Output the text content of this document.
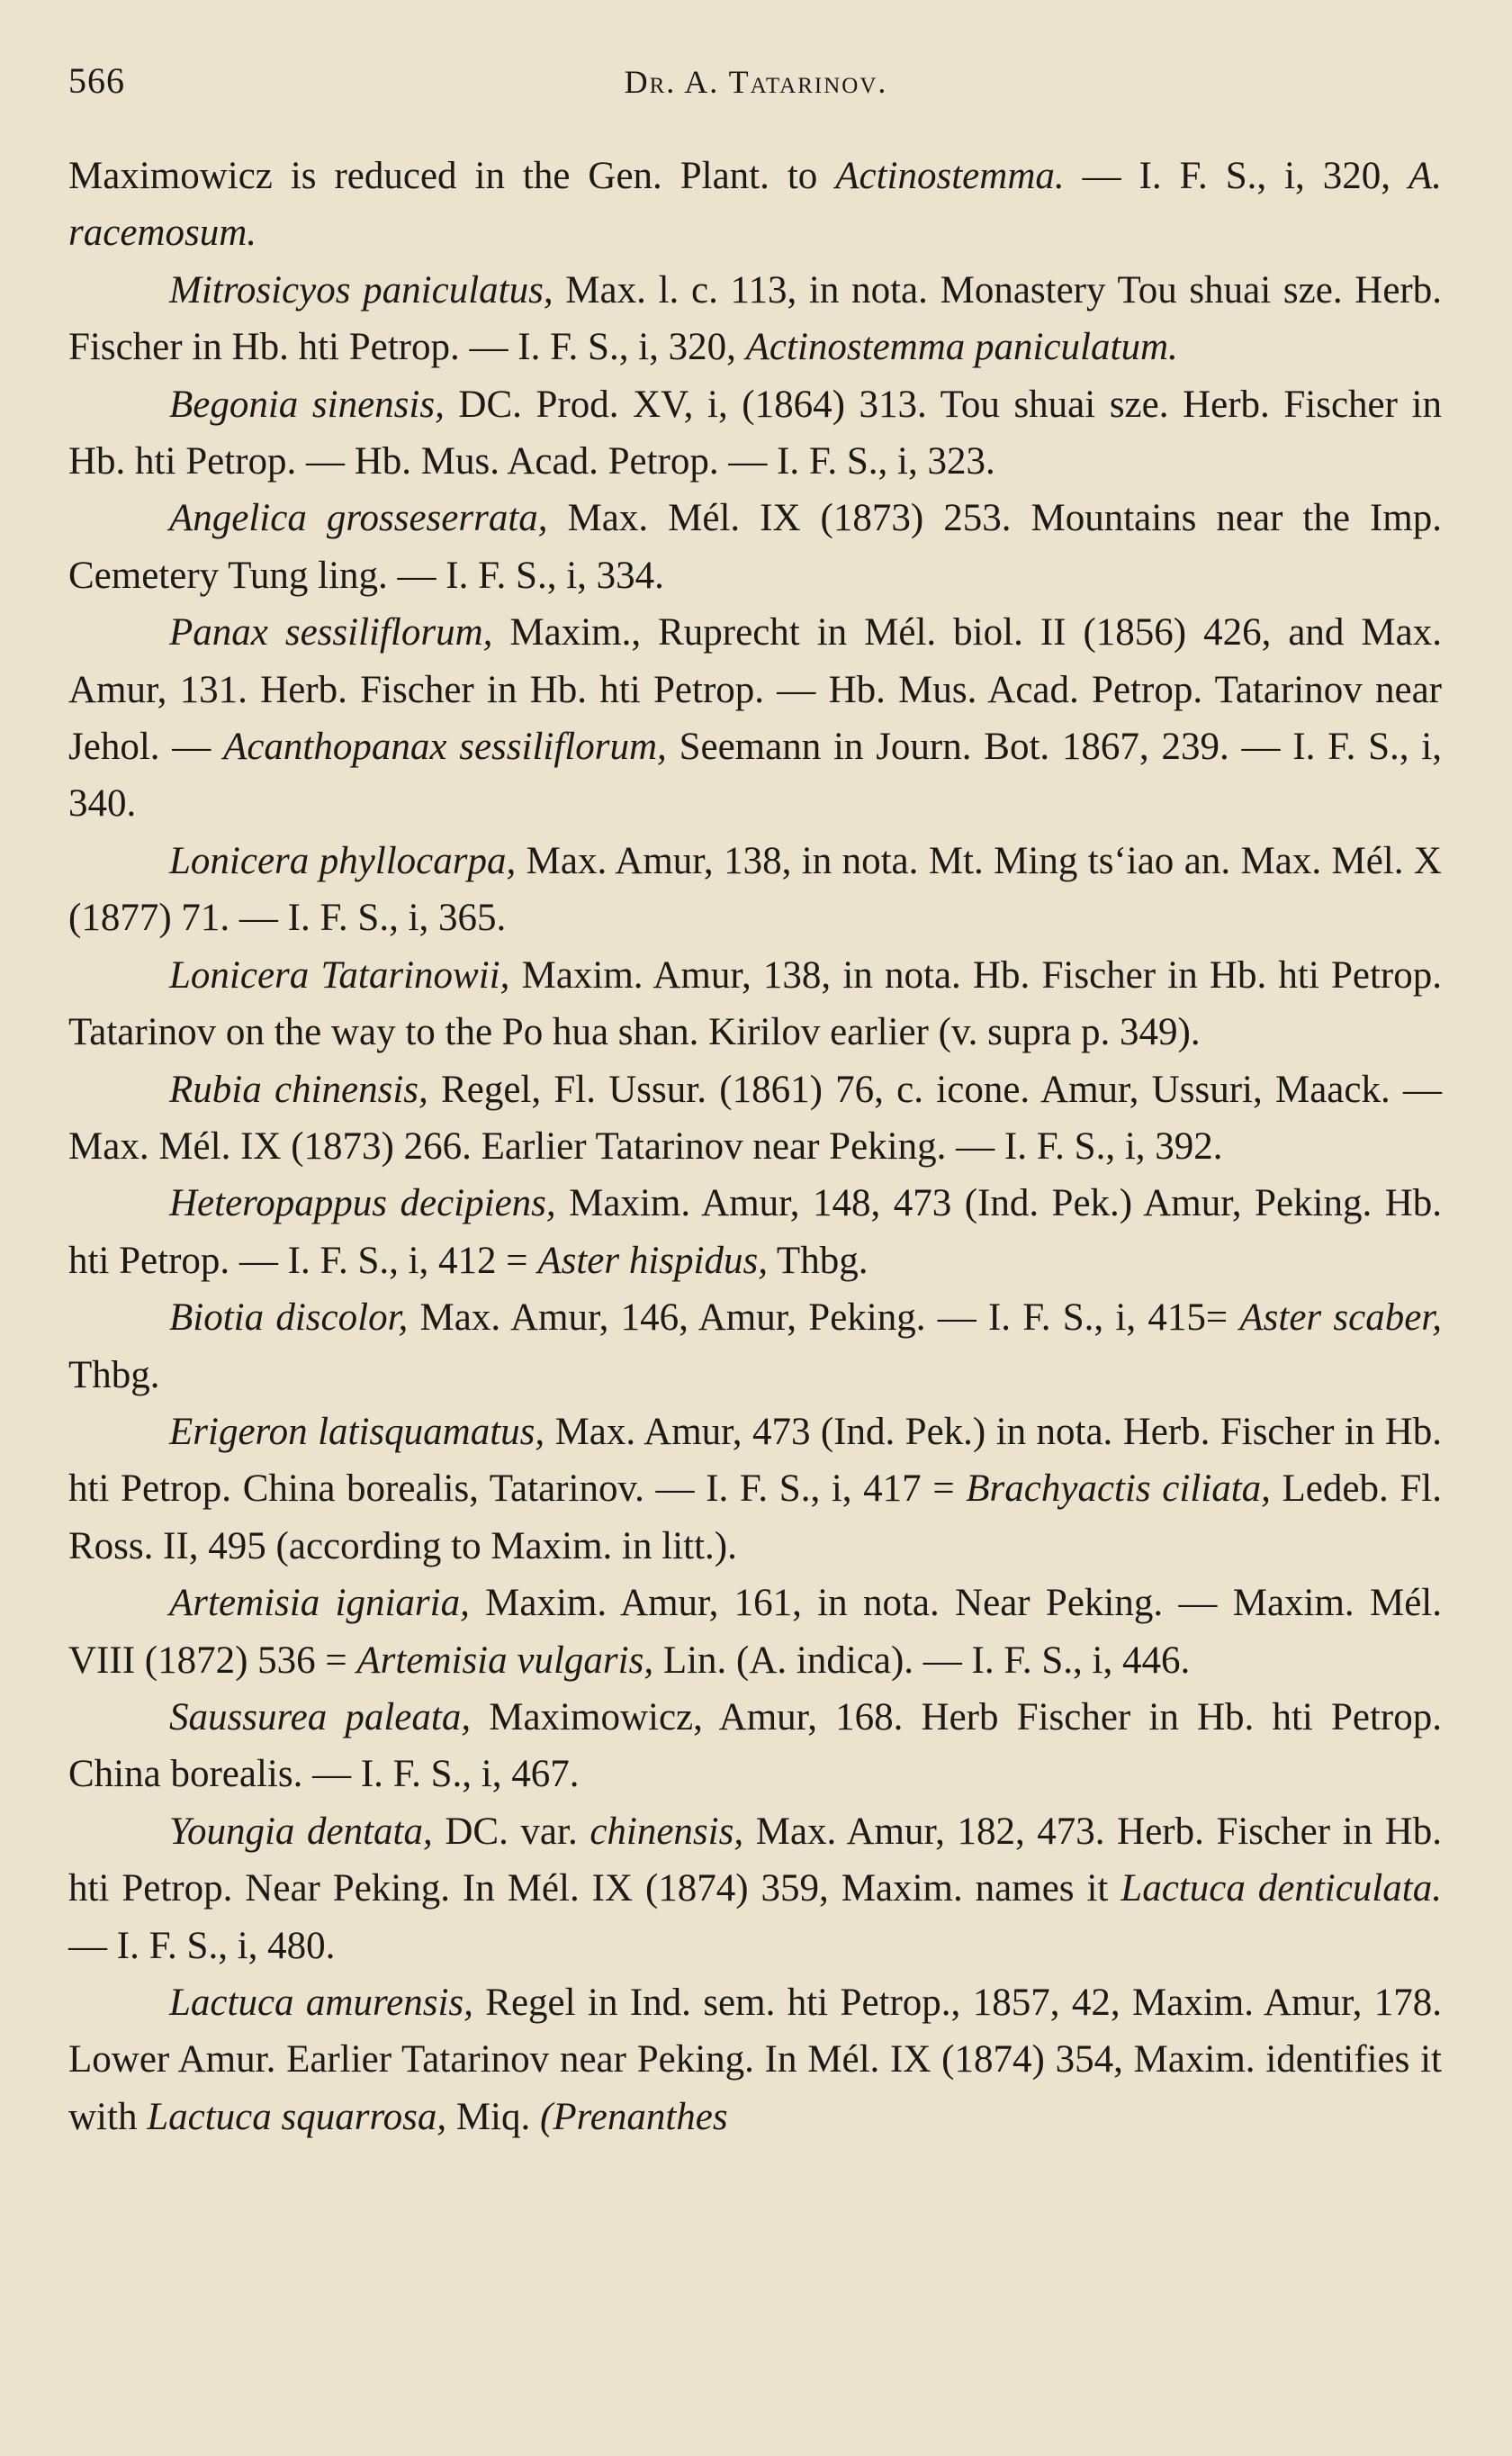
566	Dr. A. Tatarinov.

Maximowicz is reduced in the Gen. Plant. to Actinostemma. — I. F. S., i, 320, A. racemosum.

Mitrosicyos paniculatus, Max. l. c. 113, in nota. Monastery Tou shuai sze. Herb. Fischer in Hb. hti Petrop. — I. F. S., i, 320, Actinostemma paniculatum.

Begonia sinensis, DC. Prod. XV, i, (1864) 313. Tou shuai sze. Herb. Fischer in Hb. hti Petrop. — Hb. Mus. Acad. Petrop. — I. F. S., i, 323.

Angelica grosseserrata, Max. Mél. IX (1873) 253. Mountains near the Imp. Cemetery Tung ling. — I. F. S., i, 334.

Panax sessiliflorum, Maxim., Ruprecht in Mél. biol. II (1856) 426, and Max. Amur, 131. Herb. Fischer in Hb. hti Petrop. — Hb. Mus. Acad. Petrop. Tatarinov near Jehol. — Acanthopanax sessiliflorum, Seemann in Journ. Bot. 1867, 239. — I. F. S., i, 340.

Lonicera phyllocarpa, Max. Amur, 138, in nota. Mt. Ming ts‘iao an. Max. Mél. X (1877) 71. — I. F. S., i, 365.

Lonicera Tatarinowii, Maxim. Amur, 138, in nota. Hb. Fischer in Hb. hti Petrop. Tatarinov on the way to the Po hua shan. Kirilov earlier (v. supra p. 349).

Rubia chinensis, Regel, Fl. Ussur. (1861) 76, c. icone. Amur, Ussuri, Maack. — Max. Mél. IX (1873) 266. Earlier Tatarinov near Peking. — I. F. S., i, 392.

Heteropappus decipiens, Maxim. Amur, 148, 473 (Ind. Pek.) Amur, Peking. Hb. hti Petrop. — I. F. S., i, 412 = Aster hispidus, Thbg.

Biotia discolor, Max. Amur, 146, Amur, Peking. — I. F. S., i, 415= Aster scaber, Thbg.

Erigeron latisquamatus, Max. Amur, 473 (Ind. Pek.) in nota. Herb. Fischer in Hb. hti Petrop. China borealis, Tatarinov. — I. F. S., i, 417 = Brachyactis ciliata, Ledeb. Fl. Ross. II, 495 (according to Maxim. in litt.).

Artemisia igniaria, Maxim. Amur, 161, in nota. Near Peking. — Maxim. Mél. VIII (1872) 536 = Artemisia vulgaris, Lin. (A. indica). — I. F. S., i, 446.

Saussurea paleata, Maximowicz, Amur, 168. Herb Fischer in Hb. hti Petrop. China borealis. — I. F. S., i, 467.

Youngia dentata, DC. var. chinensis, Max. Amur, 182, 473. Herb. Fischer in Hb. hti Petrop. Near Peking. In Mél. IX (1874) 359, Maxim. names it Lactuca denticulata. — I. F. S., i, 480.

Lactuca amurensis, Regel in Ind. sem. hti Petrop., 1857, 42, Maxim. Amur, 178. Lower Amur. Earlier Tatarinov near Peking. In Mél. IX (1874) 354, Maxim. identifies it with Lactuca squarrosa, Miq. (Prenanthes
